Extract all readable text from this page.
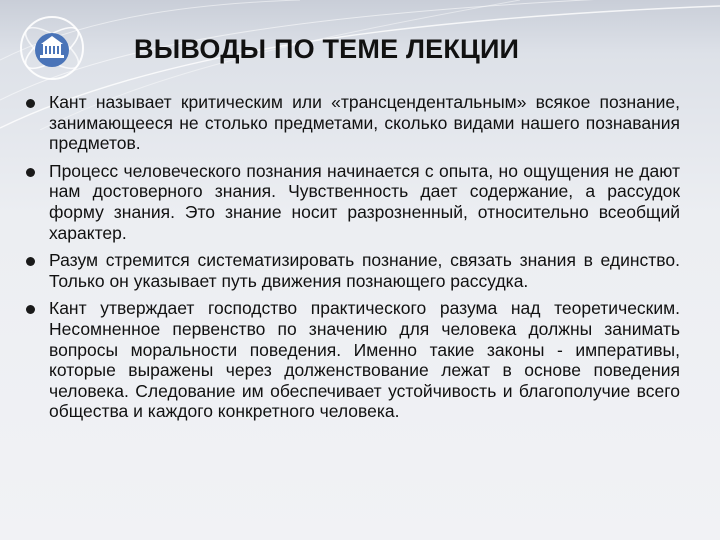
ВЫВОДЫ ПО ТЕМЕ ЛЕКЦИИ
Кант называет критическим или «трансцендентальным» всякое познание, занимающееся не столько предметами, сколько видами нашего познавания предметов.
Процесс человеческого познания начинается с опыта, но ощущения не дают нам достоверного знания. Чувственность дает содержание, а рассудок форму знания. Это знание носит разрозненный, относительно всеобщий характер.
Разум стремится систематизировать познание, связать знания в единство. Только он указывает путь движения познающего рассудка.
Кант утверждает господство практического разума над теоретическим. Несомненное первенство по значению для человека должны занимать вопросы моральности поведения. Именно такие законы - императивы, которые выражены через долженствование лежат в основе поведения человека. Следование им обеспечивает устойчивость и благополучие всего общества и каждого конкретного человека.
